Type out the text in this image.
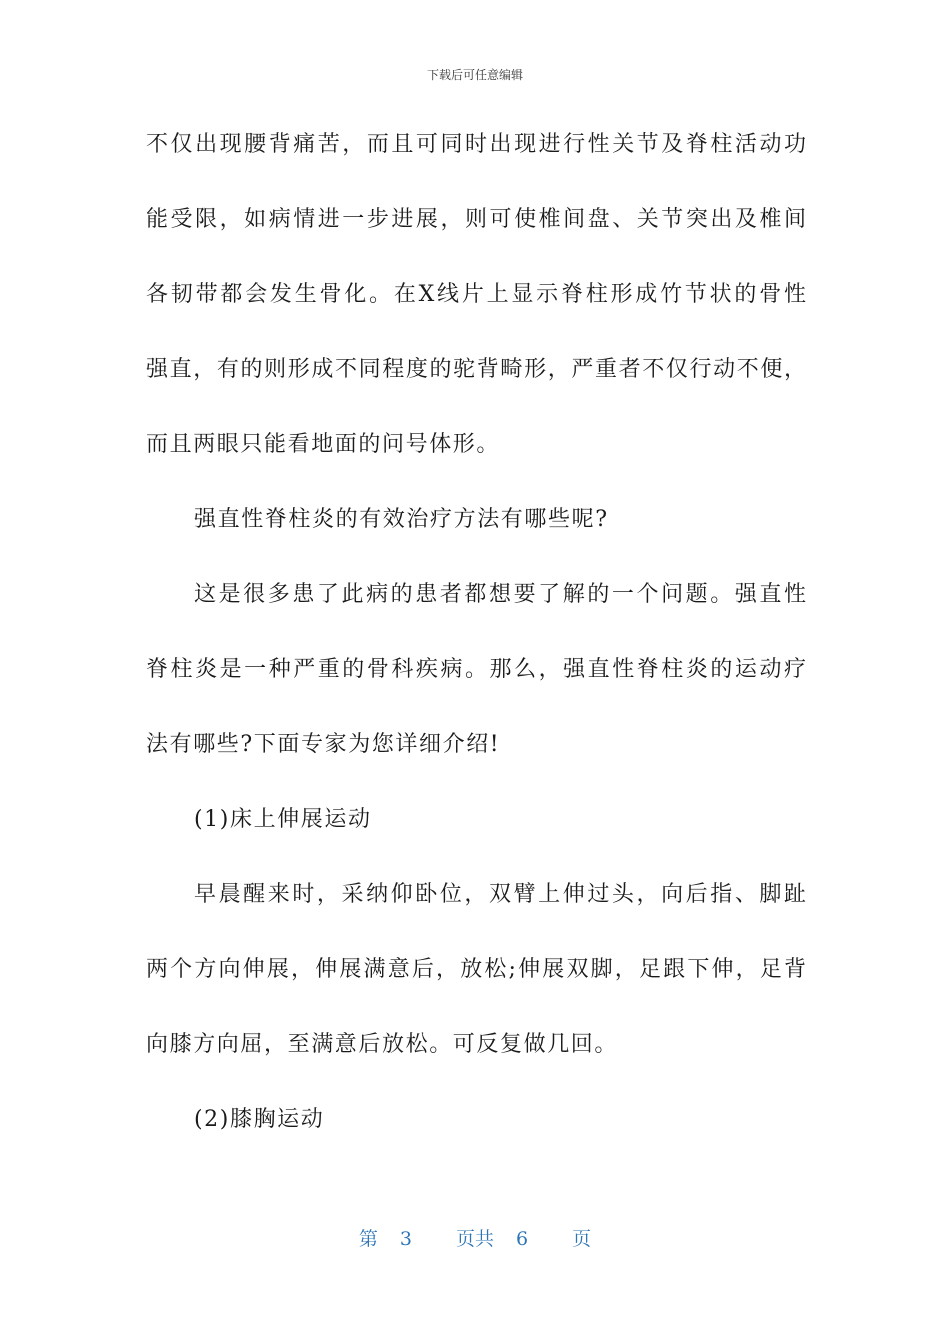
下载后可任意编辑
不仅出现腰背痛苦，而且可同时出现进行性关节及脊柱活动功
能受限，如病情进一步进展，则可使椎间盘、关节突出及椎间
各韧带都会发生骨化。在X线片上显示脊柱形成竹节状的骨性
强直，有的则形成不同程度的驼背畸形，严重者不仅行动不便，
而且两眼只能看地面的问号体形。
强直性脊柱炎的有效治疗方法有哪些呢?
这是很多患了此病的患者都想要了解的一个问题。强直性
脊柱炎是一种严重的骨科疾病。那么，强直性脊柱炎的运动疗
法有哪些?下面专家为您详细介绍!
(1)床上伸展运动
早晨醒来时，采纳仰卧位，双臂上伸过头，向后指、脚趾
两个方向伸展，伸展满意后，放松;伸展双脚，足跟下伸，足背
向膝方向屈，至满意后放松。可反复做几回。
(2)膝胸运动
第 3 页共 6 页
